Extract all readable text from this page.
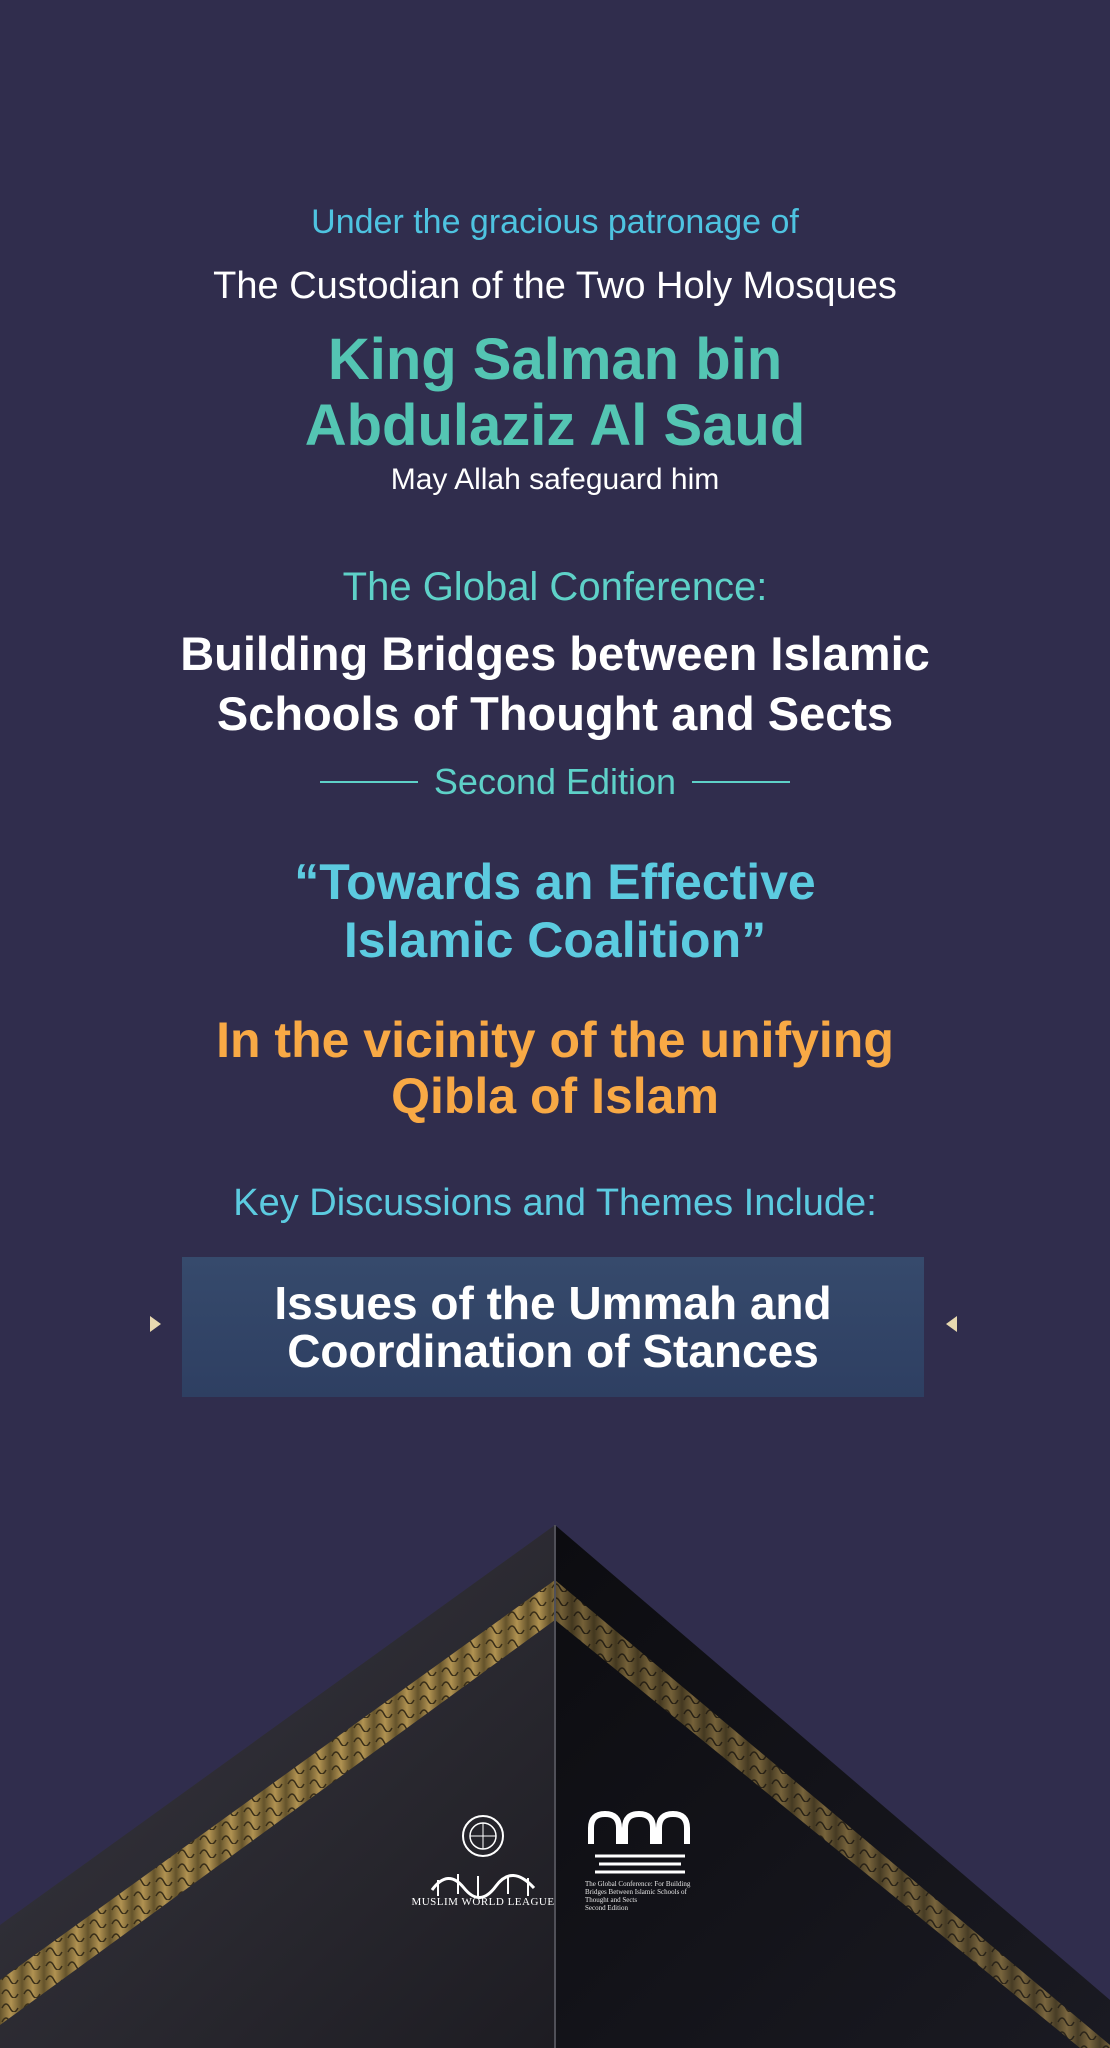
Under the gracious patronage of

The Custodian of the Two Holy Mosques

King Salman bin
Abdulaziz Al Saud

May Allah safeguard him

The Global Conference:

Building Bridges between Islamic
Schools of Thought and Sects
Second Edition
“Towards an Effective
Islamic Coalition”
In the vicinity of the unifying
Qibla of Islam

Key Discussions and Themes Include:

Issues of the Ummah and
Coordination of Stances
MUSLIM WORLD LEAGUE
The Global Conference: For Building Bridges Between Islamic Schools of Thought and Sects
Second Edition
